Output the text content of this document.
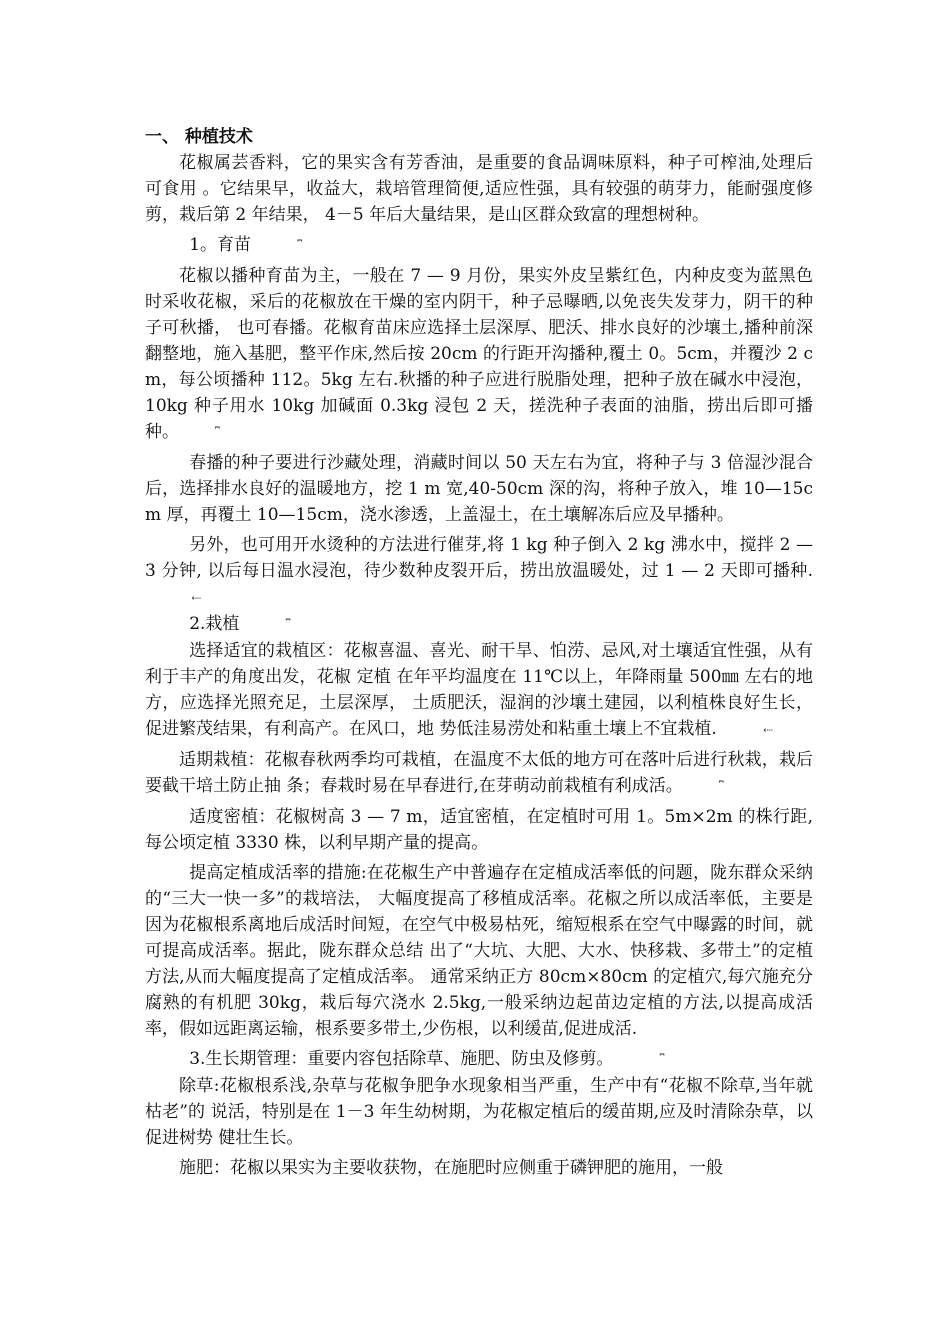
一、 种植技术

花椒属芸香料，它的果实含有芳香油，是重要的食品调味原料，种子可榨油,处理后可食用 。它结果早，收益大，栽培管理简便,适应性强，具有较强的萌芽力，能耐强度修剪，栽后第 2 年结果， 4－5 年后大量结果，是山区群众致富的理想树种。

1。育苗	⎴

花椒以播种育苗为主，一般在 7 — 9 月份，果实外皮呈紫红色，内种皮变为蓝黑色时采收花椒，采后的花椒放在干燥的室内阴干，种子忌曝晒,以免丧失发芽力，阴干的种子可秋播， 也可春播。花椒育苗床应选择土层深厚、肥沃、排水良好的沙壤土,播种前深翻整地，施入基肥，整平作床,然后按 20cm 的行距开沟播种,覆土 0。5cm，并覆沙 2 cm，每公顷播种 112。5kg 左右.秋播的种子应进行脱脂处理，把种子放在碱水中浸泡，10kg 种子用水 10kg 加碱面 0.3kg 浸包 2 天，搓洗种子表面的油脂，捞出后即可播种。	⎴

春播的种子要进行沙藏处理，消藏时间以 50 天左右为宜，将种子与 3 倍湿沙混合后，选择排水良好的温暖地方，挖 1 m 宽,40-50cm 深的沟，将种子放入，堆 10—15cm 厚，再覆土 10—15cm，浇水渗透，上盖湿土，在土壤解冻后应及早播种。

另外，也可用开水烫种的方法进行催芽,将 1 kg 种子倒入 2 kg 沸水中，搅拌 2 — 3 分钟, 以后每日温水浸泡，待少数种皮裂开后，捞出放温暖处，过 1 — 2 天即可播种.⇠

2.栽植	⎴

选择适宜的栽植区：花椒喜温、喜光、耐干旱、怕涝、忌风,对土壤适宜性强，从有利于丰产的角度出发，花椒 定植 在年平均温度在 11℃以上，年降雨量 500㎜ 左右的地方，应选择光照充足，土层深厚， 土质肥沃，湿润的沙壤土建园，以利植株良好生长，促进繁茂结果，有利高产。在风口，地 势低洼易涝处和粘重土壤上不宜栽植.	⇠

适期栽植：花椒春秋两季均可栽植，在温度不太低的地方可在落叶后进行秋栽，栽后要截干培土防止抽 条；春栽时易在早春进行,在芽萌动前栽植有利成活。	⎴

适度密植：花椒树高 3 — 7 m，适宜密植，在定植时可用 1。5m×2m 的株行距,每公顷定植 3330 株，以利早期产量的提高。

提高定植成活率的措施:在花椒生产中普遍存在定植成活率低的问题，陇东群众采纳的“三大一快一多”的栽培法， 大幅度提高了移植成活率。花椒之所以成活率低，主要是因为花椒根系离地后成活时间短，在空气中极易枯死，缩短根系在空气中曝露的时间，就可提高成活率。据此，陇东群众总结 出了“大坑、大肥、大水、快移栽、多带土”的定植方法,从而大幅度提高了定植成活率。 通常采纳正方 80cm×80cm 的定植穴,每穴施充分腐熟的有机肥 30kg，栽后每穴浇水 2.5kg,一般采纳边起苗边定植的方法,以提高成活率，假如远距离运输，根系要多带土,少伤根，以利缓苗,促进成活.

3.生长期管理：重要内容包括除草、施肥、防虫及修剪。	⎴

除草:花椒根系浅,杂草与花椒争肥争水现象相当严重，生产中有“花椒不除草,当年就枯老”的 说活，特别是在 1－3 年生幼树期，为花椒定植后的缓苗期,应及时清除杂草，以促进树势 健壮生长。

施肥：花椒以果实为主要收获物，在施肥时应侧重于磷钾肥的施用，一般
